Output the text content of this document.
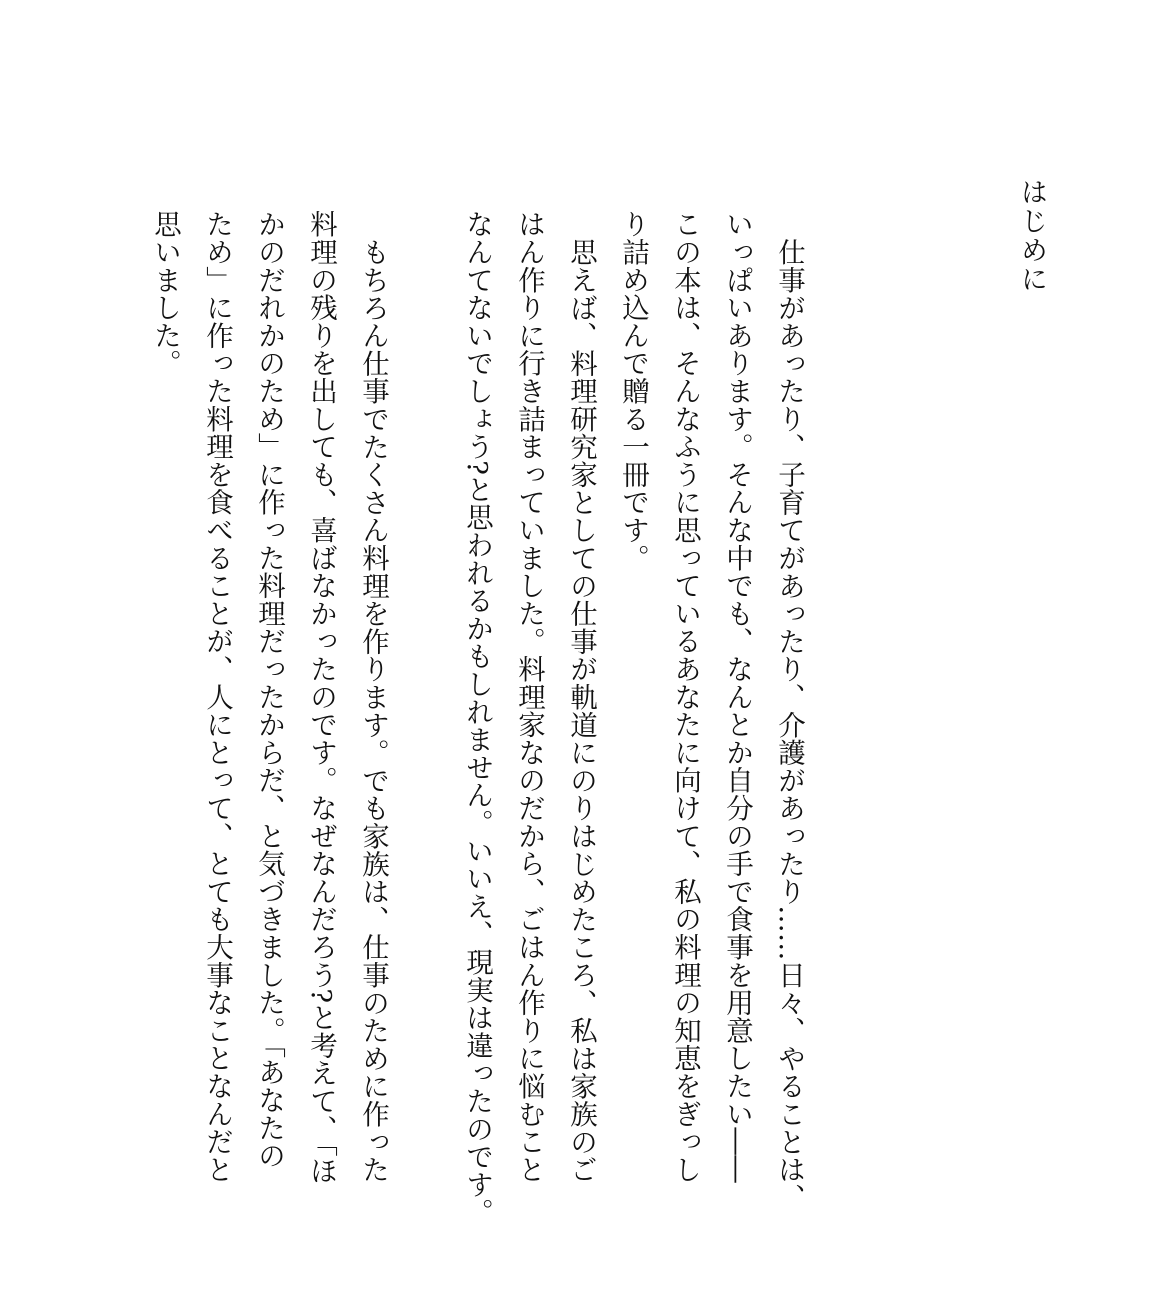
はじめに

仕事があったり、子育てがあったり、介護があったり……日々、やることは、
いっぱいあります。そんな中でも、なんとか自分の手で食事を用意したい――
この本は、そんなふうに思っているあなたに向けて、私の料理の知恵をぎっし
り詰め込んで贈る一冊です。

思えば、料理研究家としての仕事が軌道にのりはじめたころ、私は家族のご
はん作りに行き詰まっていました。料理家なのだから、ごはん作りに悩むこと
なんてないでしょう?と思われるかもしれません。いいえ、現実は違ったのです。

もちろん仕事でたくさん料理を作ります。でも家族は、仕事のために作った
料理の残りを出しても、喜ばなかったのです。なぜなんだろう?と考えて、「ほ
かのだれかのため」に作った料理だったからだ、と気づきました。「あなたの
ため」に作った料理を食べることが、人にとって、とても大事なことなんだと
思いました。
